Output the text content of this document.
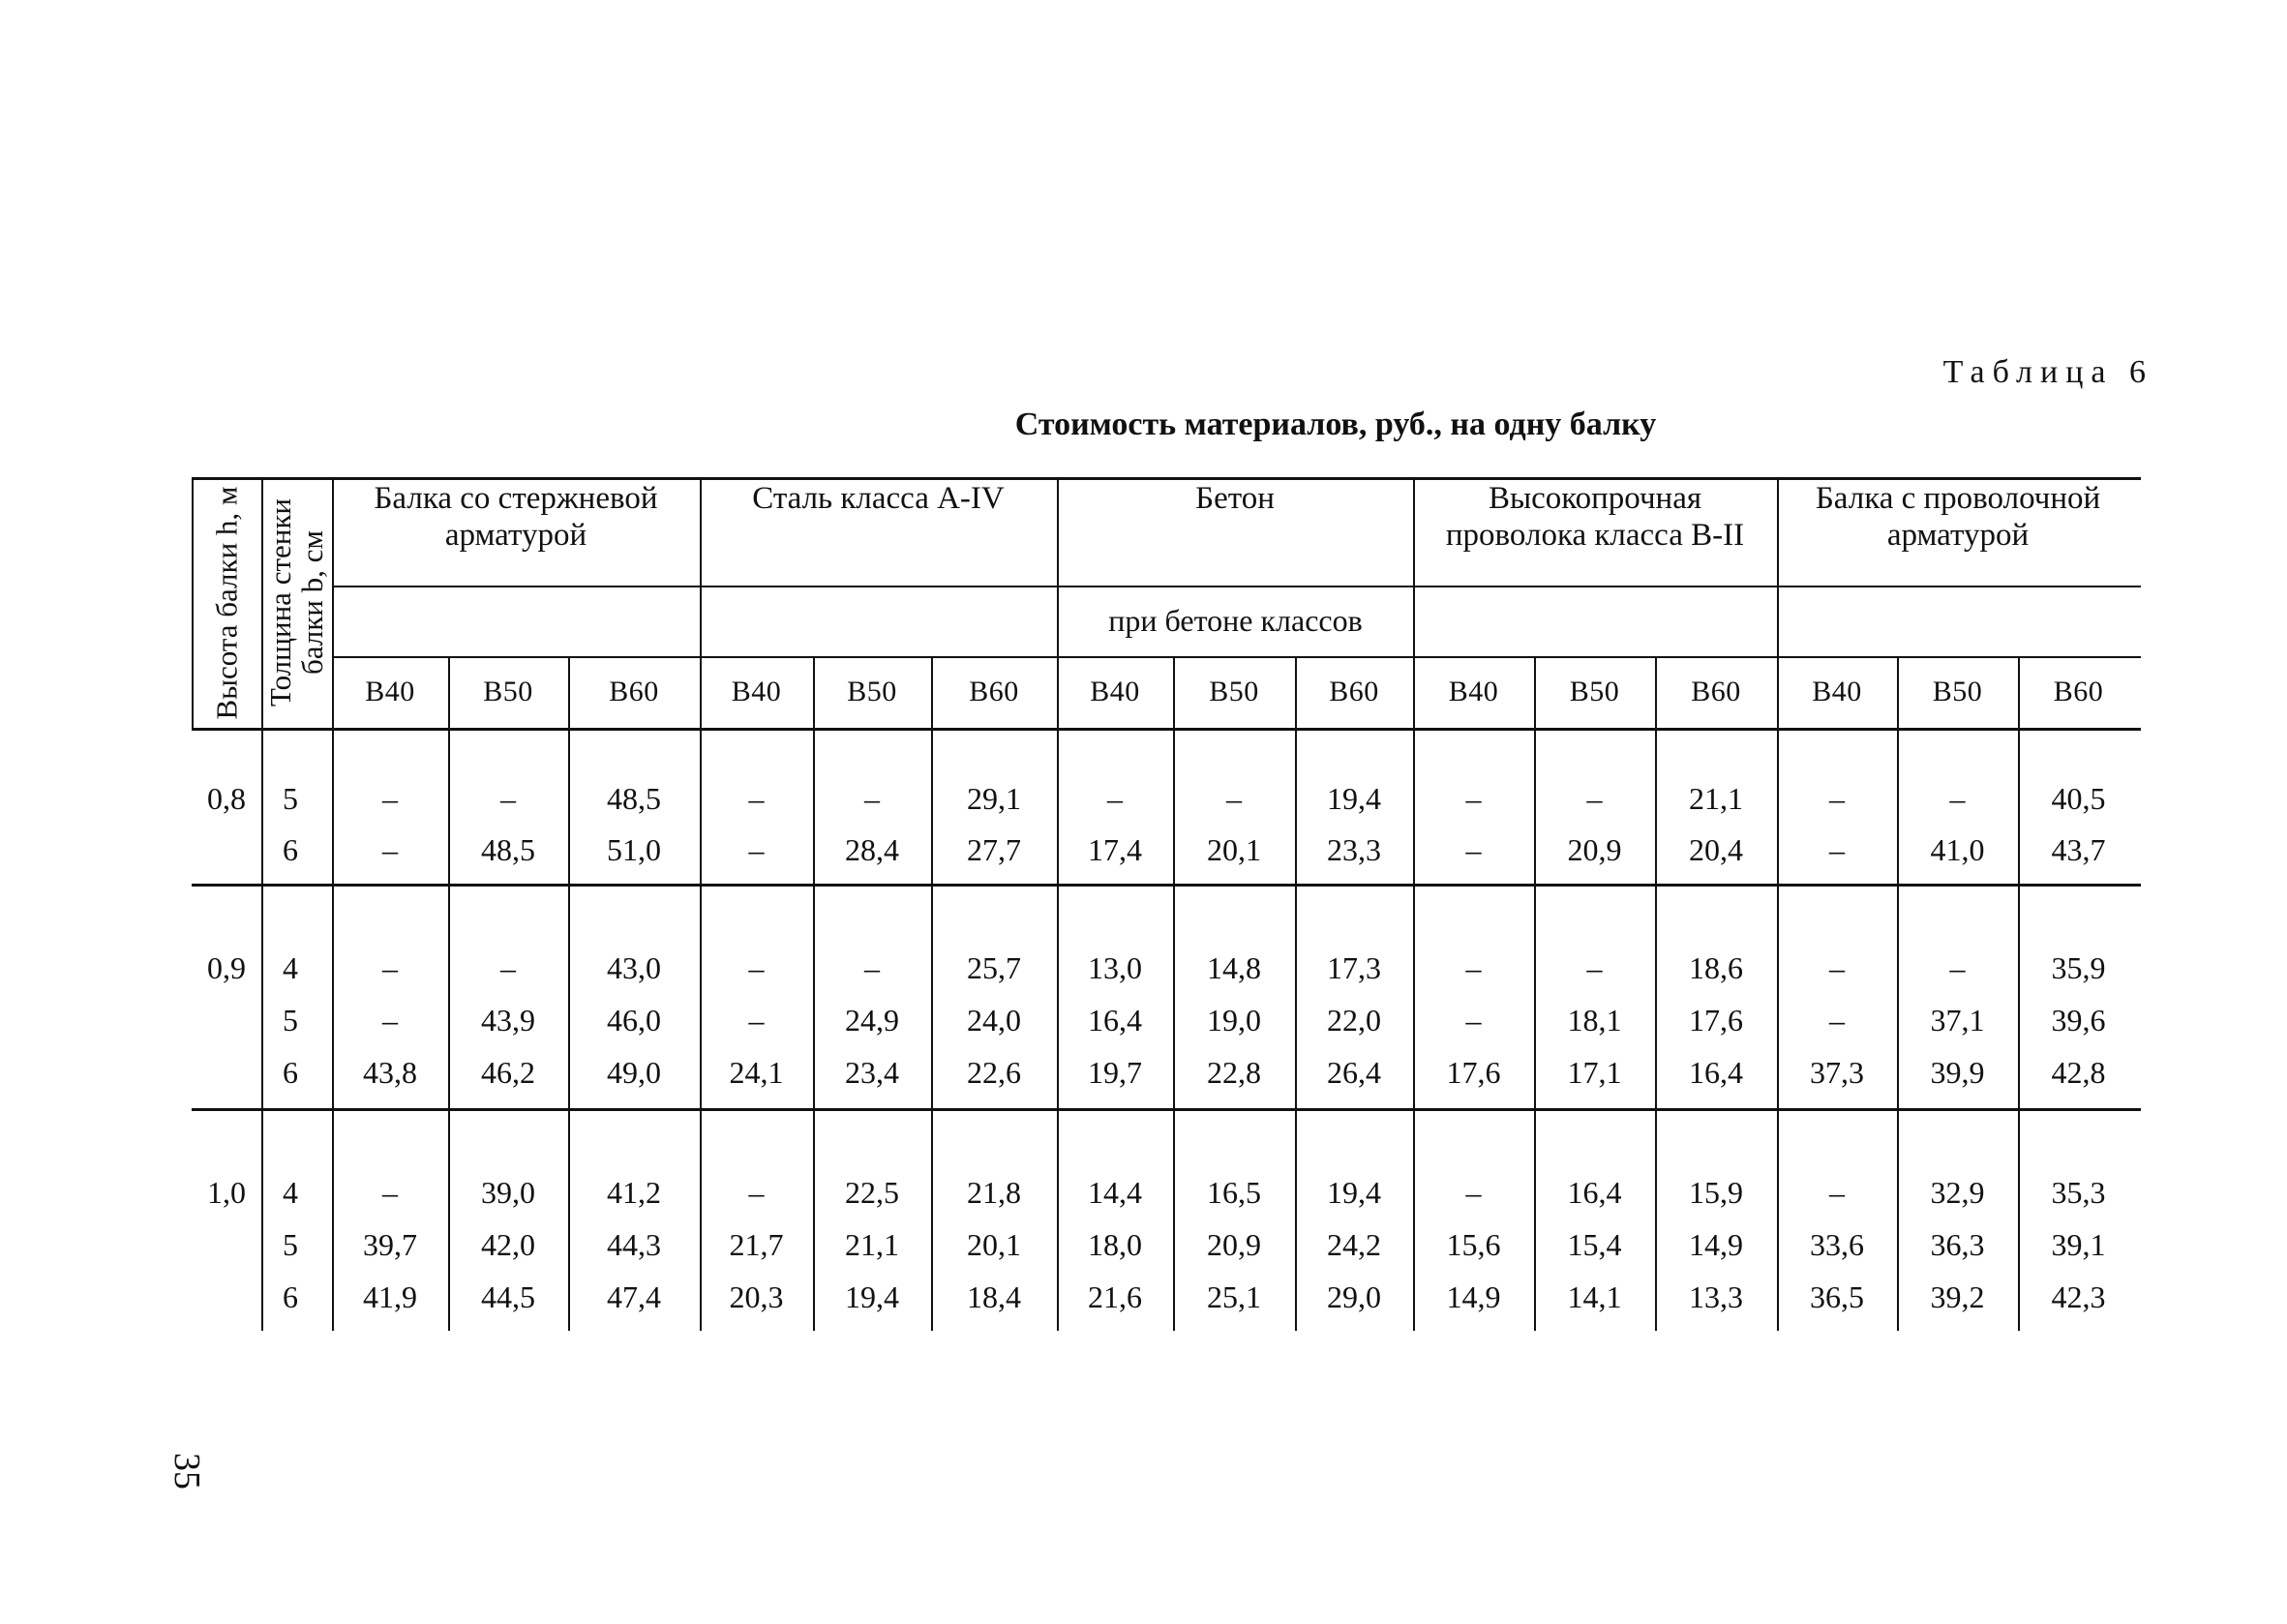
Таблица 6
Стоимость материалов, руб., на одну балку
35
Высота балки h, м Толщина стенки балки b, см
Балка со стержневой арматурой
Сталь класса A-IV	Бетон	Высокопрочная проволока класса B-II
Балка с проволочной арматурой
при бетоне классов
В40	В50	В60	В40	В50	В60	В40	В50	В60	В40	В50	В60	В40	В50	В60
0,8	5	–	–	48,5	–	–	29,1	–	–	19,4	–	–	21,1	–	–	40,5
6	–	48,5	51,0	–	28,4	27,7	17,4	20,1	23,3	–	20,9	20,4	–	41,0	43,7
0,9	4	–	–	43,0	–	–	25,7	13,0	14,8	17,3	–	–	18,6	–	–	35,9
5	–	43,9	46,0	–	24,9	24,0	16,4	19,0	22,0	–	18,1	17,6	–	37,1	39,6
6	43,8	46,2	49,0	24,1	23,4	22,6	19,7	22,8	26,4	17,6	17,1	16,4	37,3	39,9	42,8
1,0	4	–	39,0	41,2	–	22,5	21,8	14,4	16,5	19,4	–	16,4	15,9	–	32,9	35,3
5	39,7	42,0	44,3	21,7	21,1	20,1	18,0	20,9	24,2	15,6	15,4	14,9	33,6	36,3	39,1
6	41,9	44,5	47,4	20,3	19,4	18,4	21,6	25,1	29,0	14,9	14,1	13,3	36,5	39,2	42,3
